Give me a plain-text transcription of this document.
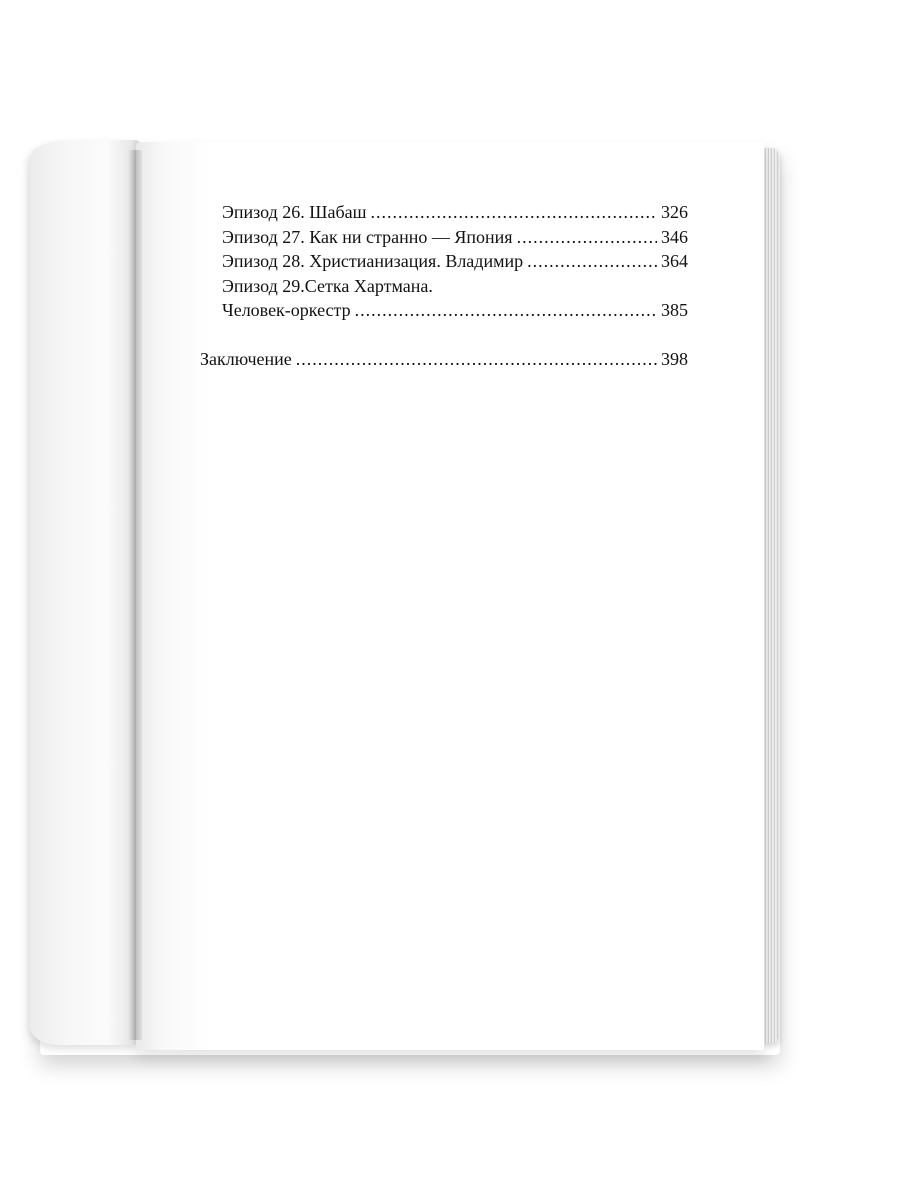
Эпизод 26. Шабаш .....	326
Эпизод 27. Как ни странно — Япония .....	346
Эпизод 28. Христианизация. Владимир .....	364
Эпизод 29.Сетка Хартмана.
Человек-оркестр .....	385
Заключение .....	398
